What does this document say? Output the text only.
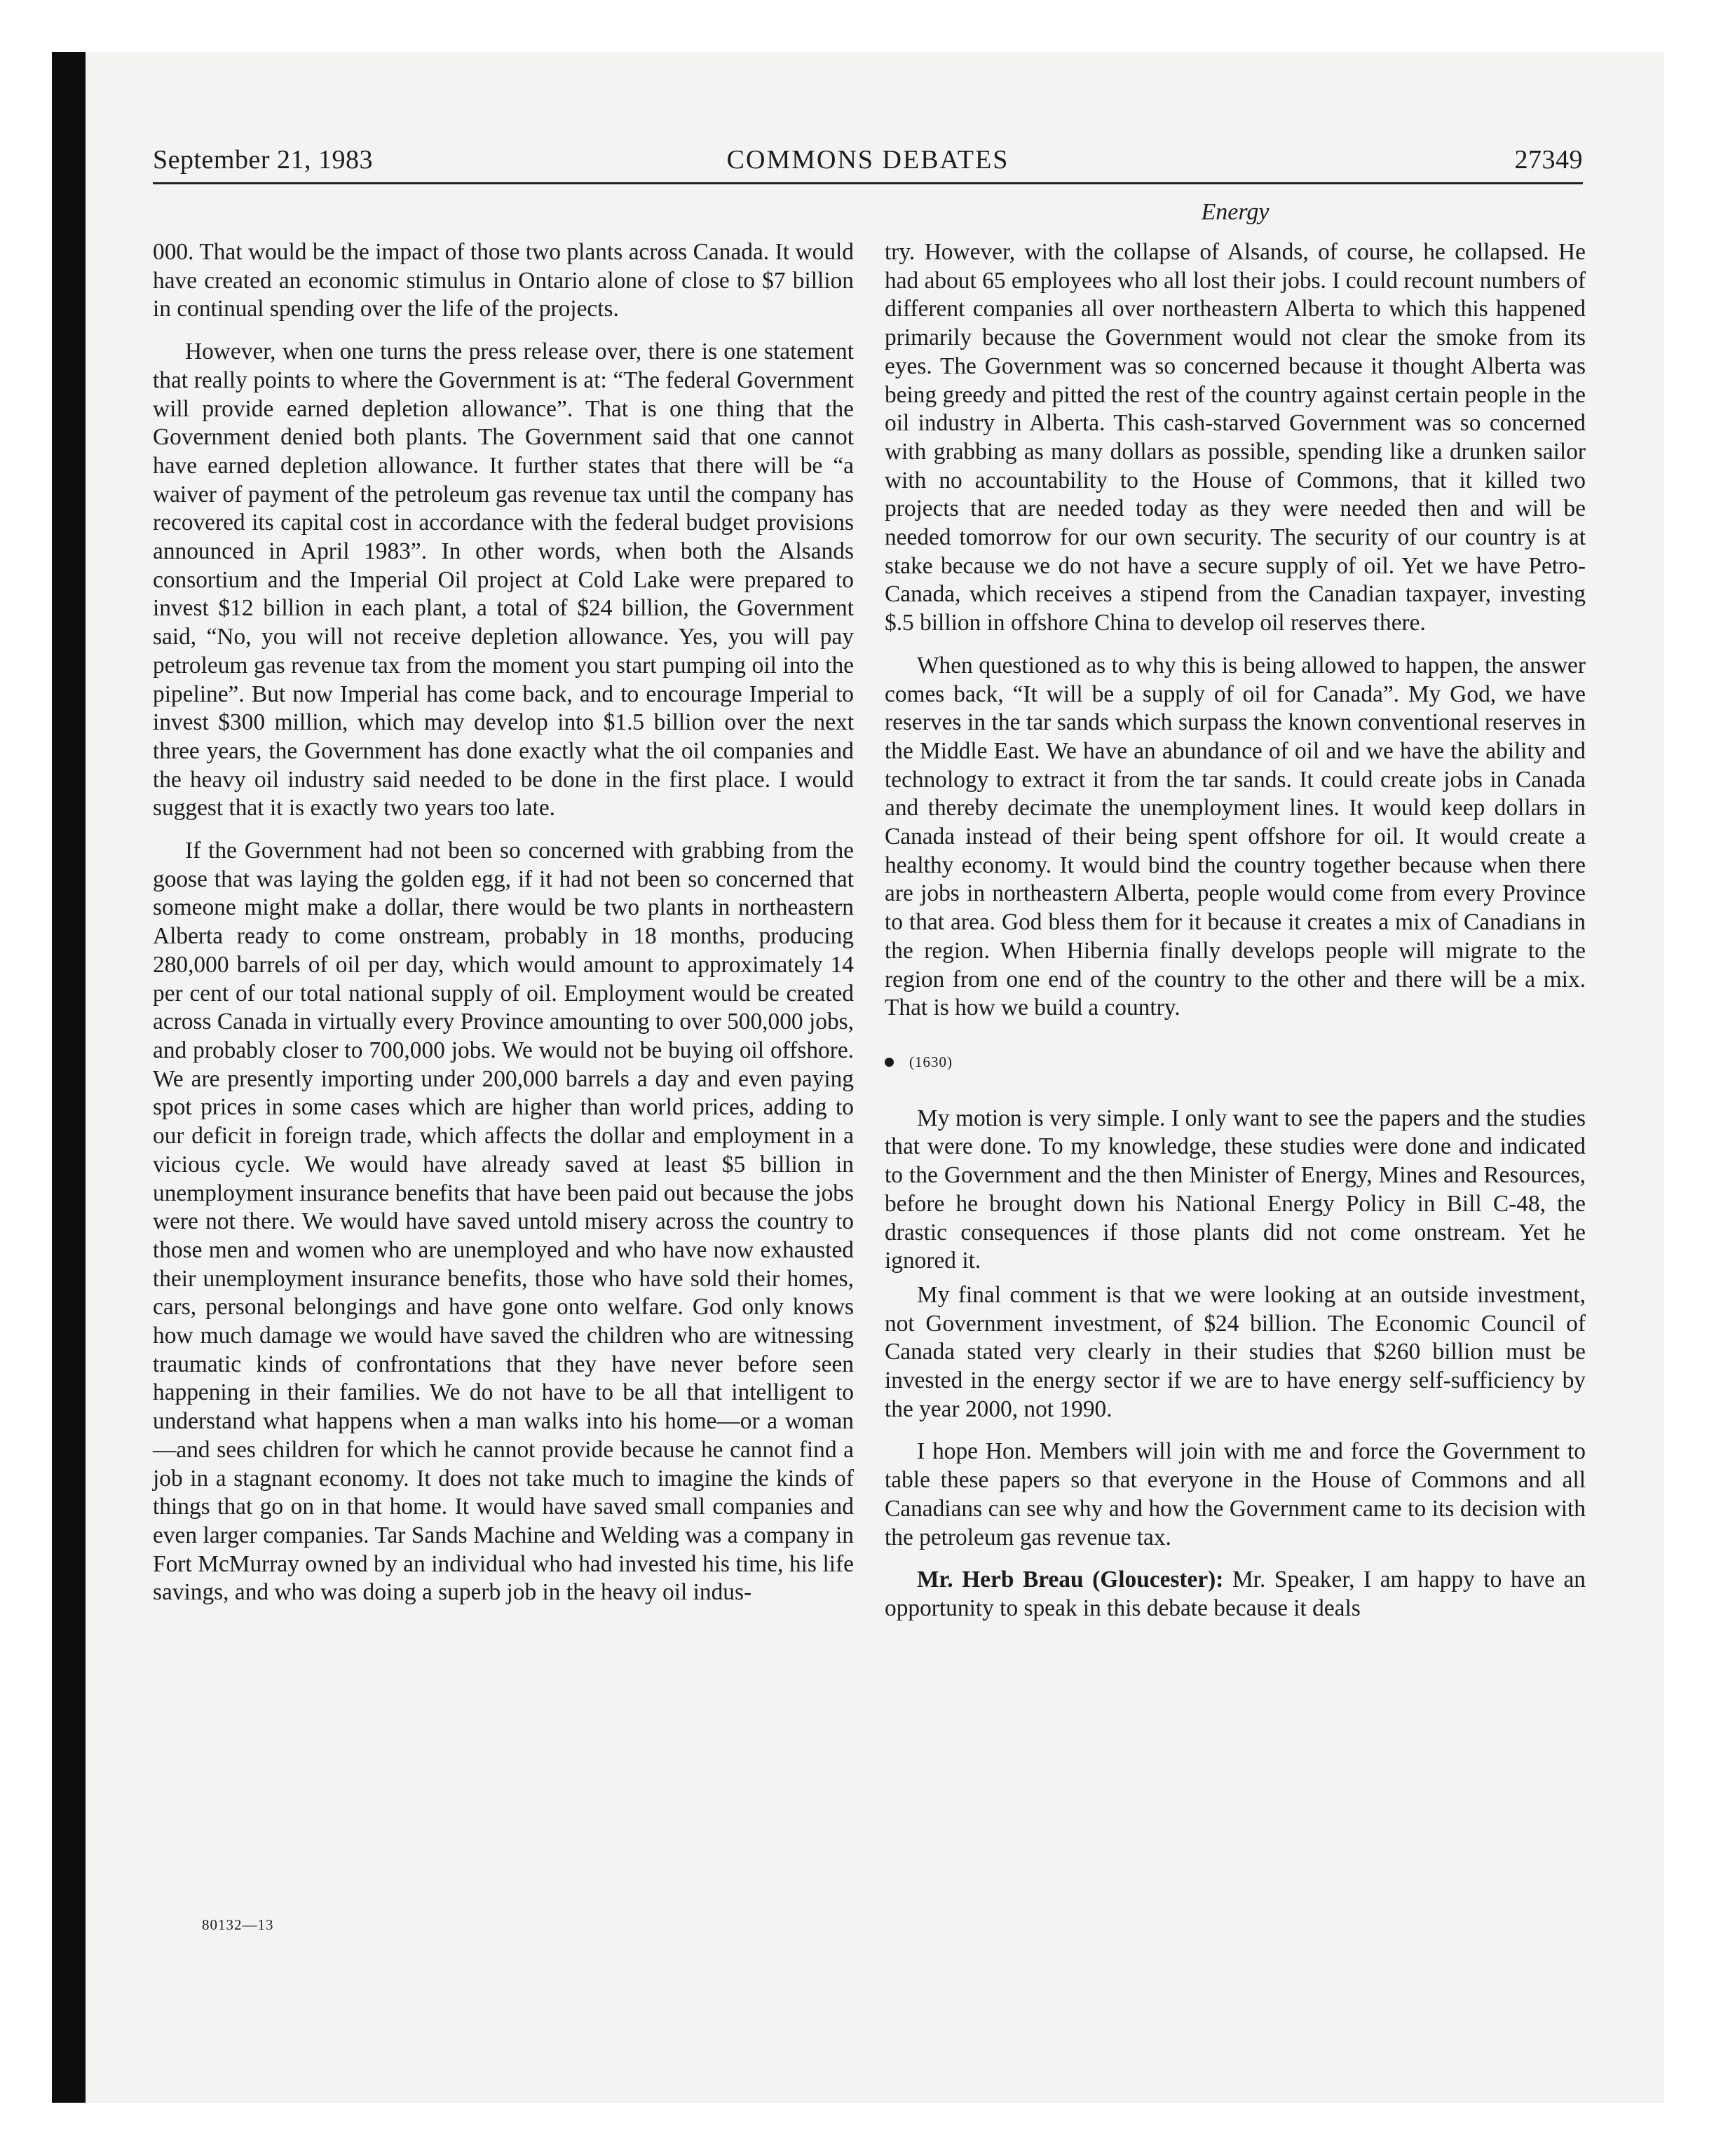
September 21, 1983	COMMONS DEBATES	27349
Energy

000. That would be the impact of those two plants across Canada. It would have created an economic stimulus in Ontario alone of close to $7 billion in continual spending over the life of the projects.

However, when one turns the press release over, there is one statement that really points to where the Government is at: “The federal Government will provide earned depletion allowance”. That is one thing that the Government denied both plants. The Government said that one cannot have earned depletion allowance. It further states that there will be “a waiver of payment of the petroleum gas revenue tax until the company has recovered its capital cost in accordance with the federal budget provisions announced in April 1983”. In other words, when both the Alsands consortium and the Imperial Oil project at Cold Lake were prepared to invest $12 billion in each plant, a total of $24 billion, the Government said, “No, you will not receive depletion allowance. Yes, you will pay petroleum gas revenue tax from the moment you start pumping oil into the pipeline”. But now Imperial has come back, and to encourage Imperial to invest $300 million, which may develop into $1.5 billion over the next three years, the Government has done exactly what the oil companies and the heavy oil industry said needed to be done in the first place. I would suggest that it is exactly two years too late.

If the Government had not been so concerned with grabbing from the goose that was laying the golden egg, if it had not been so concerned that someone might make a dollar, there would be two plants in northeastern Alberta ready to come onstream, probably in 18 months, producing 280,000 barrels of oil per day, which would amount to approximately 14 per cent of our total national supply of oil. Employment would be created across Canada in virtually every Province amounting to over 500,000 jobs, and probably closer to 700,000 jobs. We would not be buying oil offshore. We are presently importing under 200,000 barrels a day and even paying spot prices in some cases which are higher than world prices, adding to our deficit in foreign trade, which affects the dollar and employment in a vicious cycle. We would have already saved at least $5 billion in unemployment insurance benefits that have been paid out because the jobs were not there. We would have saved untold misery across the country to those men and women who are unemployed and who have now exhausted their unemployment insurance benefits, those who have sold their homes, cars, personal belongings and have gone onto welfare. God only knows how much damage we would have saved the children who are witnessing traumatic kinds of confrontations that they have never before seen happening in their families. We do not have to be all that intelligent to understand what happens when a man walks into his home—or a woman—and sees children for which he cannot provide because he cannot find a job in a stagnant economy. It does not take much to imagine the kinds of things that go on in that home. It would have saved small companies and even larger companies. Tar Sands Machine and Welding was a company in Fort McMurray owned by an individual who had invested his time, his life savings, and who was doing a superb job in the heavy oil indus-

try. However, with the collapse of Alsands, of course, he collapsed. He had about 65 employees who all lost their jobs. I could recount numbers of different companies all over northeastern Alberta to which this happened primarily because the Government would not clear the smoke from its eyes. The Government was so concerned because it thought Alberta was being greedy and pitted the rest of the country against certain people in the oil industry in Alberta. This cash-starved Government was so concerned with grabbing as many dollars as possible, spending like a drunken sailor with no accountability to the House of Commons, that it killed two projects that are needed today as they were needed then and will be needed tomorrow for our own security. The security of our country is at stake because we do not have a secure supply of oil. Yet we have Petro-Canada, which receives a stipend from the Canadian taxpayer, investing $.5 billion in offshore China to develop oil reserves there.

When questioned as to why this is being allowed to happen, the answer comes back, “It will be a supply of oil for Canada”. My God, we have reserves in the tar sands which surpass the known conventional reserves in the Middle East. We have an abundance of oil and we have the ability and technology to extract it from the tar sands. It could create jobs in Canada and thereby decimate the unemployment lines. It would keep dollars in Canada instead of their being spent offshore for oil. It would create a healthy economy. It would bind the country together because when there are jobs in northeastern Alberta, people would come from every Province to that area. God bless them for it because it creates a mix of Canadians in the region. When Hibernia finally develops people will migrate to the region from one end of the country to the other and there will be a mix. That is how we build a country.

(1630)

My motion is very simple. I only want to see the papers and the studies that were done. To my knowledge, these studies were done and indicated to the Government and the then Minister of Energy, Mines and Resources, before he brought down his National Energy Policy in Bill C-48, the drastic consequences if those plants did not come onstream. Yet he ignored it.

My final comment is that we were looking at an outside investment, not Government investment, of $24 billion. The Economic Council of Canada stated very clearly in their studies that $260 billion must be invested in the energy sector if we are to have energy self-sufficiency by the year 2000, not 1990.

I hope Hon. Members will join with me and force the Government to table these papers so that everyone in the House of Commons and all Canadians can see why and how the Government came to its decision with the petroleum gas revenue tax.

Mr. Herb Breau (Gloucester): Mr. Speaker, I am happy to have an opportunity to speak in this debate because it deals

80132—13
